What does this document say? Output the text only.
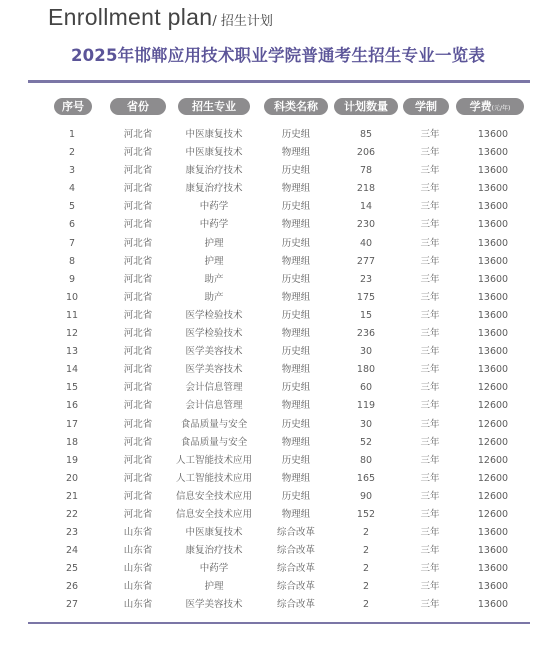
Enrollment plan/ 招生计划
2025年邯郸应用技术职业学院普通考生招生专业一览表
序号	省份	招生专业	科类名称	计划数量	学制	学费(元/年)
1	河北省	中医康复技术	历史组	85	三年	13600
2	河北省	中医康复技术	物理组	206	三年	13600
3	河北省	康复治疗技术	历史组	78	三年	13600
4	河北省	康复治疗技术	物理组	218	三年	13600
5	河北省	中药学	历史组	14	三年	13600
6	河北省	中药学	物理组	230	三年	13600
7	河北省	护理	历史组	40	三年	13600
8	河北省	护理	物理组	277	三年	13600
9	河北省	助产	历史组	23	三年	13600
10	河北省	助产	物理组	175	三年	13600
11	河北省	医学检验技术	历史组	15	三年	13600
12	河北省	医学检验技术	物理组	236	三年	13600
13	河北省	医学美容技术	历史组	30	三年	13600
14	河北省	医学美容技术	物理组	180	三年	13600
15	河北省	会计信息管理	历史组	60	三年	12600
16	河北省	会计信息管理	物理组	119	三年	12600
17	河北省	食品质量与安全	历史组	30	三年	12600
18	河北省	食品质量与安全	物理组	52	三年	12600
19	河北省	人工智能技术应用	历史组	80	三年	12600
20	河北省	人工智能技术应用	物理组	165	三年	12600
21	河北省	信息安全技术应用	历史组	90	三年	12600
22	河北省	信息安全技术应用	物理组	152	三年	12600
23	山东省	中医康复技术	综合改革	2	三年	13600
24	山东省	康复治疗技术	综合改革	2	三年	13600
25	山东省	中药学	综合改革	2	三年	13600
26	山东省	护理	综合改革	2	三年	13600
27	山东省	医学美容技术	综合改革	2	三年	13600
